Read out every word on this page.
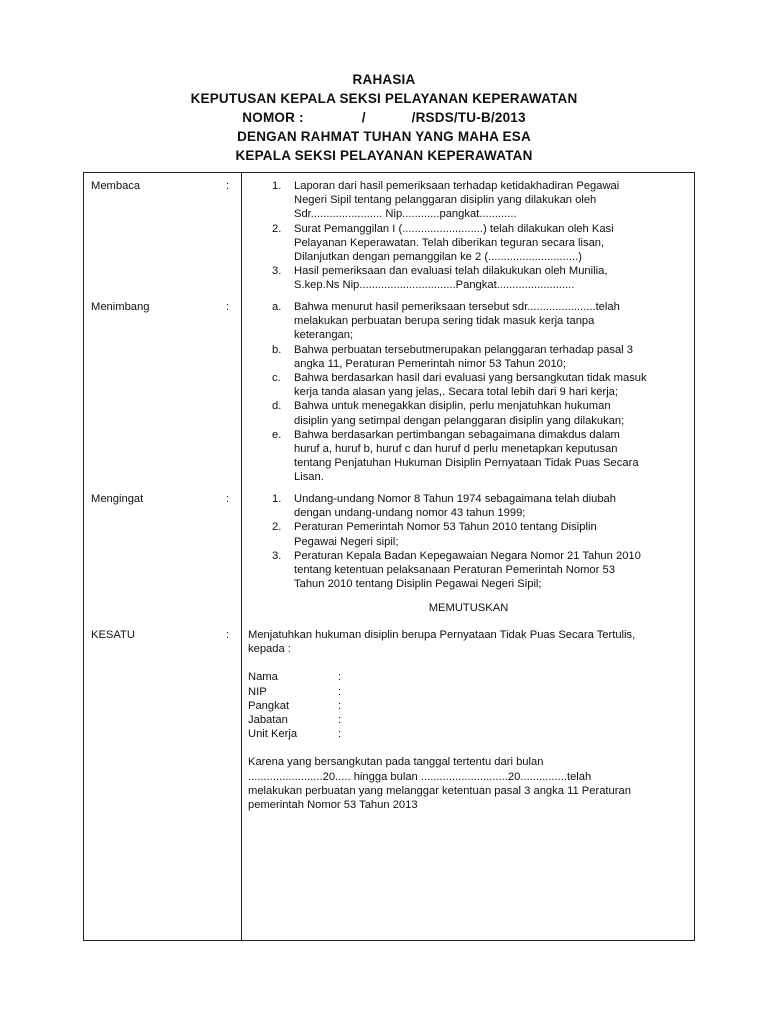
RAHASIA
KEPUTUSAN KEPALA SEKSI PELAYANAN KEPERAWATAN
NOMOR :	/	/RSDS/TU-B/2013
DENGAN RAHMAT TUHAN YANG MAHA ESA
KEPALA SEKSI PELAYANAN KEPERAWATAN
Membaca	:	1. Laporan dari hasil pemeriksaan terhadap ketidakhadiran Pegawai
Negeri Sipil tentang pelanggaran disiplin yang dilakukan oleh
Sdr....................... Nip............pangkat............
2. Surat Pemanggilan I (..........................) telah dilakukan oleh Kasi
Pelayanan Keperawatan. Telah diberikan teguran secara lisan,
Dilanjutkan dengan pemanggilan ke 2 (.............................)
3. Hasil pemeriksaan dan evaluasi telah dilakukukan oleh Munilia,
S.kep.Ns Nip...............................Pangkat.........................
Menimbang	:	a. Bahwa menurut hasil pemeriksaan tersebut sdr......................telah
melakukan perbuatan berupa sering tidak masuk kerja tanpa
keterangan;
b. Bahwa perbuatan tersebutmerupakan pelanggaran terhadap pasal 3
angka 11, Peraturan Pemerintah nimor 53 Tahun 2010;
c. Bahwa berdasarkan hasil dari evaluasi yang bersangkutan tidak masuk
kerja tanda alasan yang jelas,. Secara total lebih dari 9 hari kerja;
d. Bahwa untuk menegakkan disiplin, perlu menjatuhkan hukuman
disiplin yang setimpal dengan pelanggaran disiplin yang dilakukan;
e. Bahwa berdasarkan pertimbangan sebagaimana dimakdus dalam
huruf a, huruf b, huruf c dan huruf d perlu menetapkan keputusan
tentang Penjatuhan Hukuman Disiplin Pernyataan Tidak Puas Secara
Lisan.
Mengingat	:	1. Undang-undang Nomor 8 Tahun 1974 sebagaimana telah diubah
dengan undang-undang nomor 43 tahun 1999;
2. Peraturan Pemerintah Nomor 53 Tahun 2010 tentang Disiplin
Pegawai Negeri sipil;
3. Peraturan Kepala Badan Kepegawaian Negara Nomor 21 Tahun 2010
tentang ketentuan pelaksanaan Peraturan Pemerintah Nomor 53
Tahun 2010 tentang Disiplin Pegawai Negeri Sipil;
MEMUTUSKAN
KESATU	: Menjatuhkan hukuman disiplin berupa Pernyataan Tidak Puas Secara Tertulis,
kepada :
Nama	:
NIP	:
Pangkat	:
Jabatan	:
Unit Kerja	:
Karena yang bersangkutan pada tanggal tertentu dari bulan
........................20..... hingga bulan ............................20...............telah
melakukan perbuatan yang melanggar ketentuan pasal 3 angka 11 Peraturan
pemerintah Nomor 53 Tahun 2013
